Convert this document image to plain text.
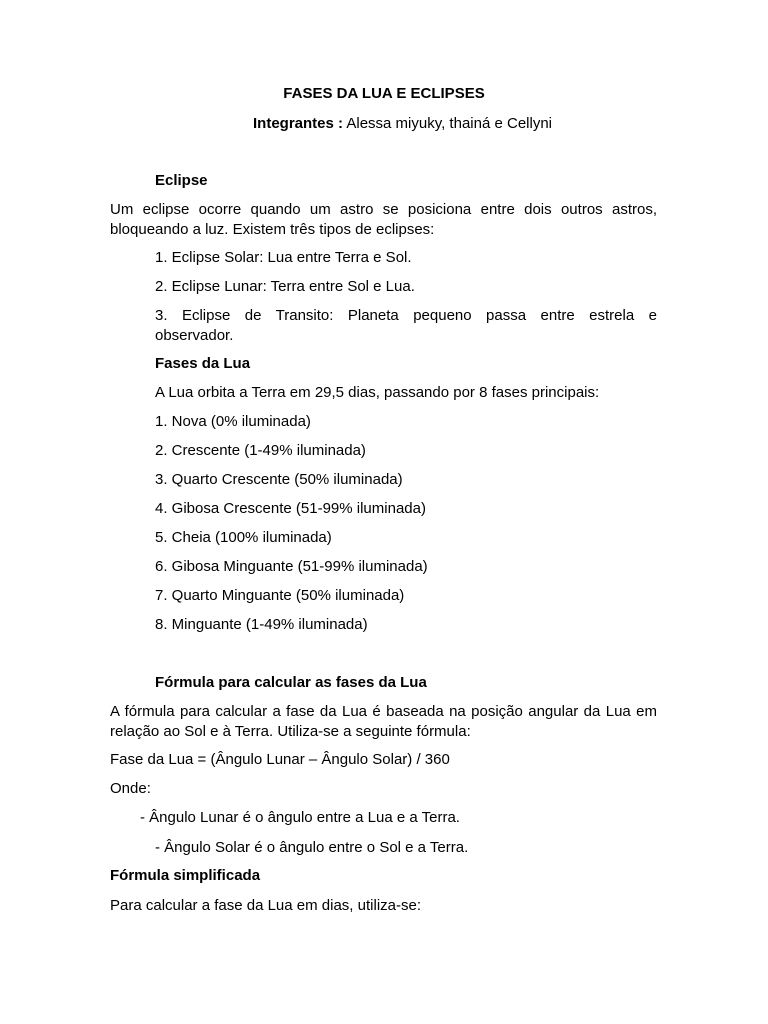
FASES DA LUA E ECLIPSES
Integrantes : Alessa miyuky, thainá e Cellyni
Eclipse
Um eclipse ocorre quando um astro se posiciona entre dois outros astros,
bloqueando a luz. Existem três tipos de eclipses:
1. Eclipse Solar: Lua entre Terra e Sol.
2. Eclipse Lunar: Terra entre Sol e Lua.
3. Eclipse de Transito: Planeta pequeno passa entre estrela e
observador.
Fases da Lua
A Lua orbita a Terra em 29,5 dias, passando por 8 fases principais:
1. Nova (0% iluminada)
2. Crescente (1-49% iluminada)
3. Quarto Crescente (50% iluminada)
4. Gibosa Crescente (51-99% iluminada)
5. Cheia (100% iluminada)
6. Gibosa Minguante (51-99% iluminada)
7. Quarto Minguante (50% iluminada)
8. Minguante (1-49% iluminada)
Fórmula para calcular as fases da Lua
A fórmula para calcular a fase da Lua é baseada na posição angular da Lua em
relação ao Sol e à Terra. Utiliza-se a seguinte fórmula:
Fase da Lua = (Ângulo Lunar – Ângulo Solar) / 360
Onde:
- Ângulo Lunar é o ângulo entre a Lua e a Terra.
- Ângulo Solar é o ângulo entre o Sol e a Terra.
Fórmula simplificada
Para calcular a fase da Lua em dias, utiliza-se:
